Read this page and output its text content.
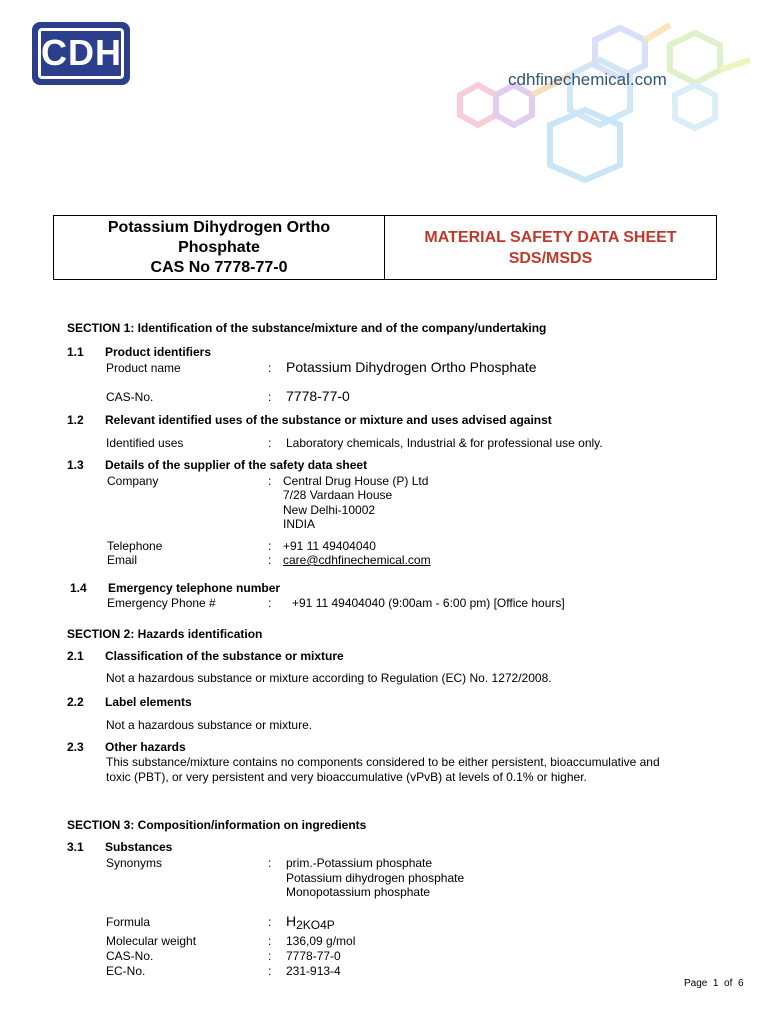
CDH
cdhfinechemical.com
Potassium Dihydrogen Ortho
Phosphate
CAS No 7778-77-0
MATERIAL SAFETY DATA SHEET
SDS/MSDS
SECTION 1: Identification of the substance/mixture and of the company/undertaking
1.1 Product identifiers
Product name	: Potassium Dihydrogen Ortho Phosphate
CAS-No.	: 7778-77-0
1.2 Relevant identified uses of the substance or mixture and uses advised against
Identified uses	: Laboratory chemicals, Industrial & for professional use only.
1.3 Details of the supplier of the safety data sheet
Company	: Central Drug House (P) Ltd
7/28 Vardaan House
New Delhi-10002
INDIA
Telephone	: +91 11 49404040
Email	: care@cdhfinechemical.com
1.4 Emergency telephone number
Emergency Phone #	: +91 11 49404040 (9:00am - 6:00 pm) [Office hours]
SECTION 2: Hazards identification
2.1 Classification of the substance or mixture
Not a hazardous substance or mixture according to Regulation (EC) No. 1272/2008.
2.2 Label elements
Not a hazardous substance or mixture.
2.3 Other hazards
This substance/mixture contains no components considered to be either persistent, bioaccumulative and
toxic (PBT), or very persistent and very bioaccumulative (vPvB) at levels of 0.1% or higher.
SECTION 3: Composition/information on ingredients
3.1 Substances
Synonyms	: prim.-Potassium phosphate
Potassium dihydrogen phosphate
Monopotassium phosphate
Formula	: H2KO4P
Molecular weight	: 136,09 g/mol
CAS-No.	: 7778-77-0
EC-No.	: 231-913-4
Page 1 of 6
